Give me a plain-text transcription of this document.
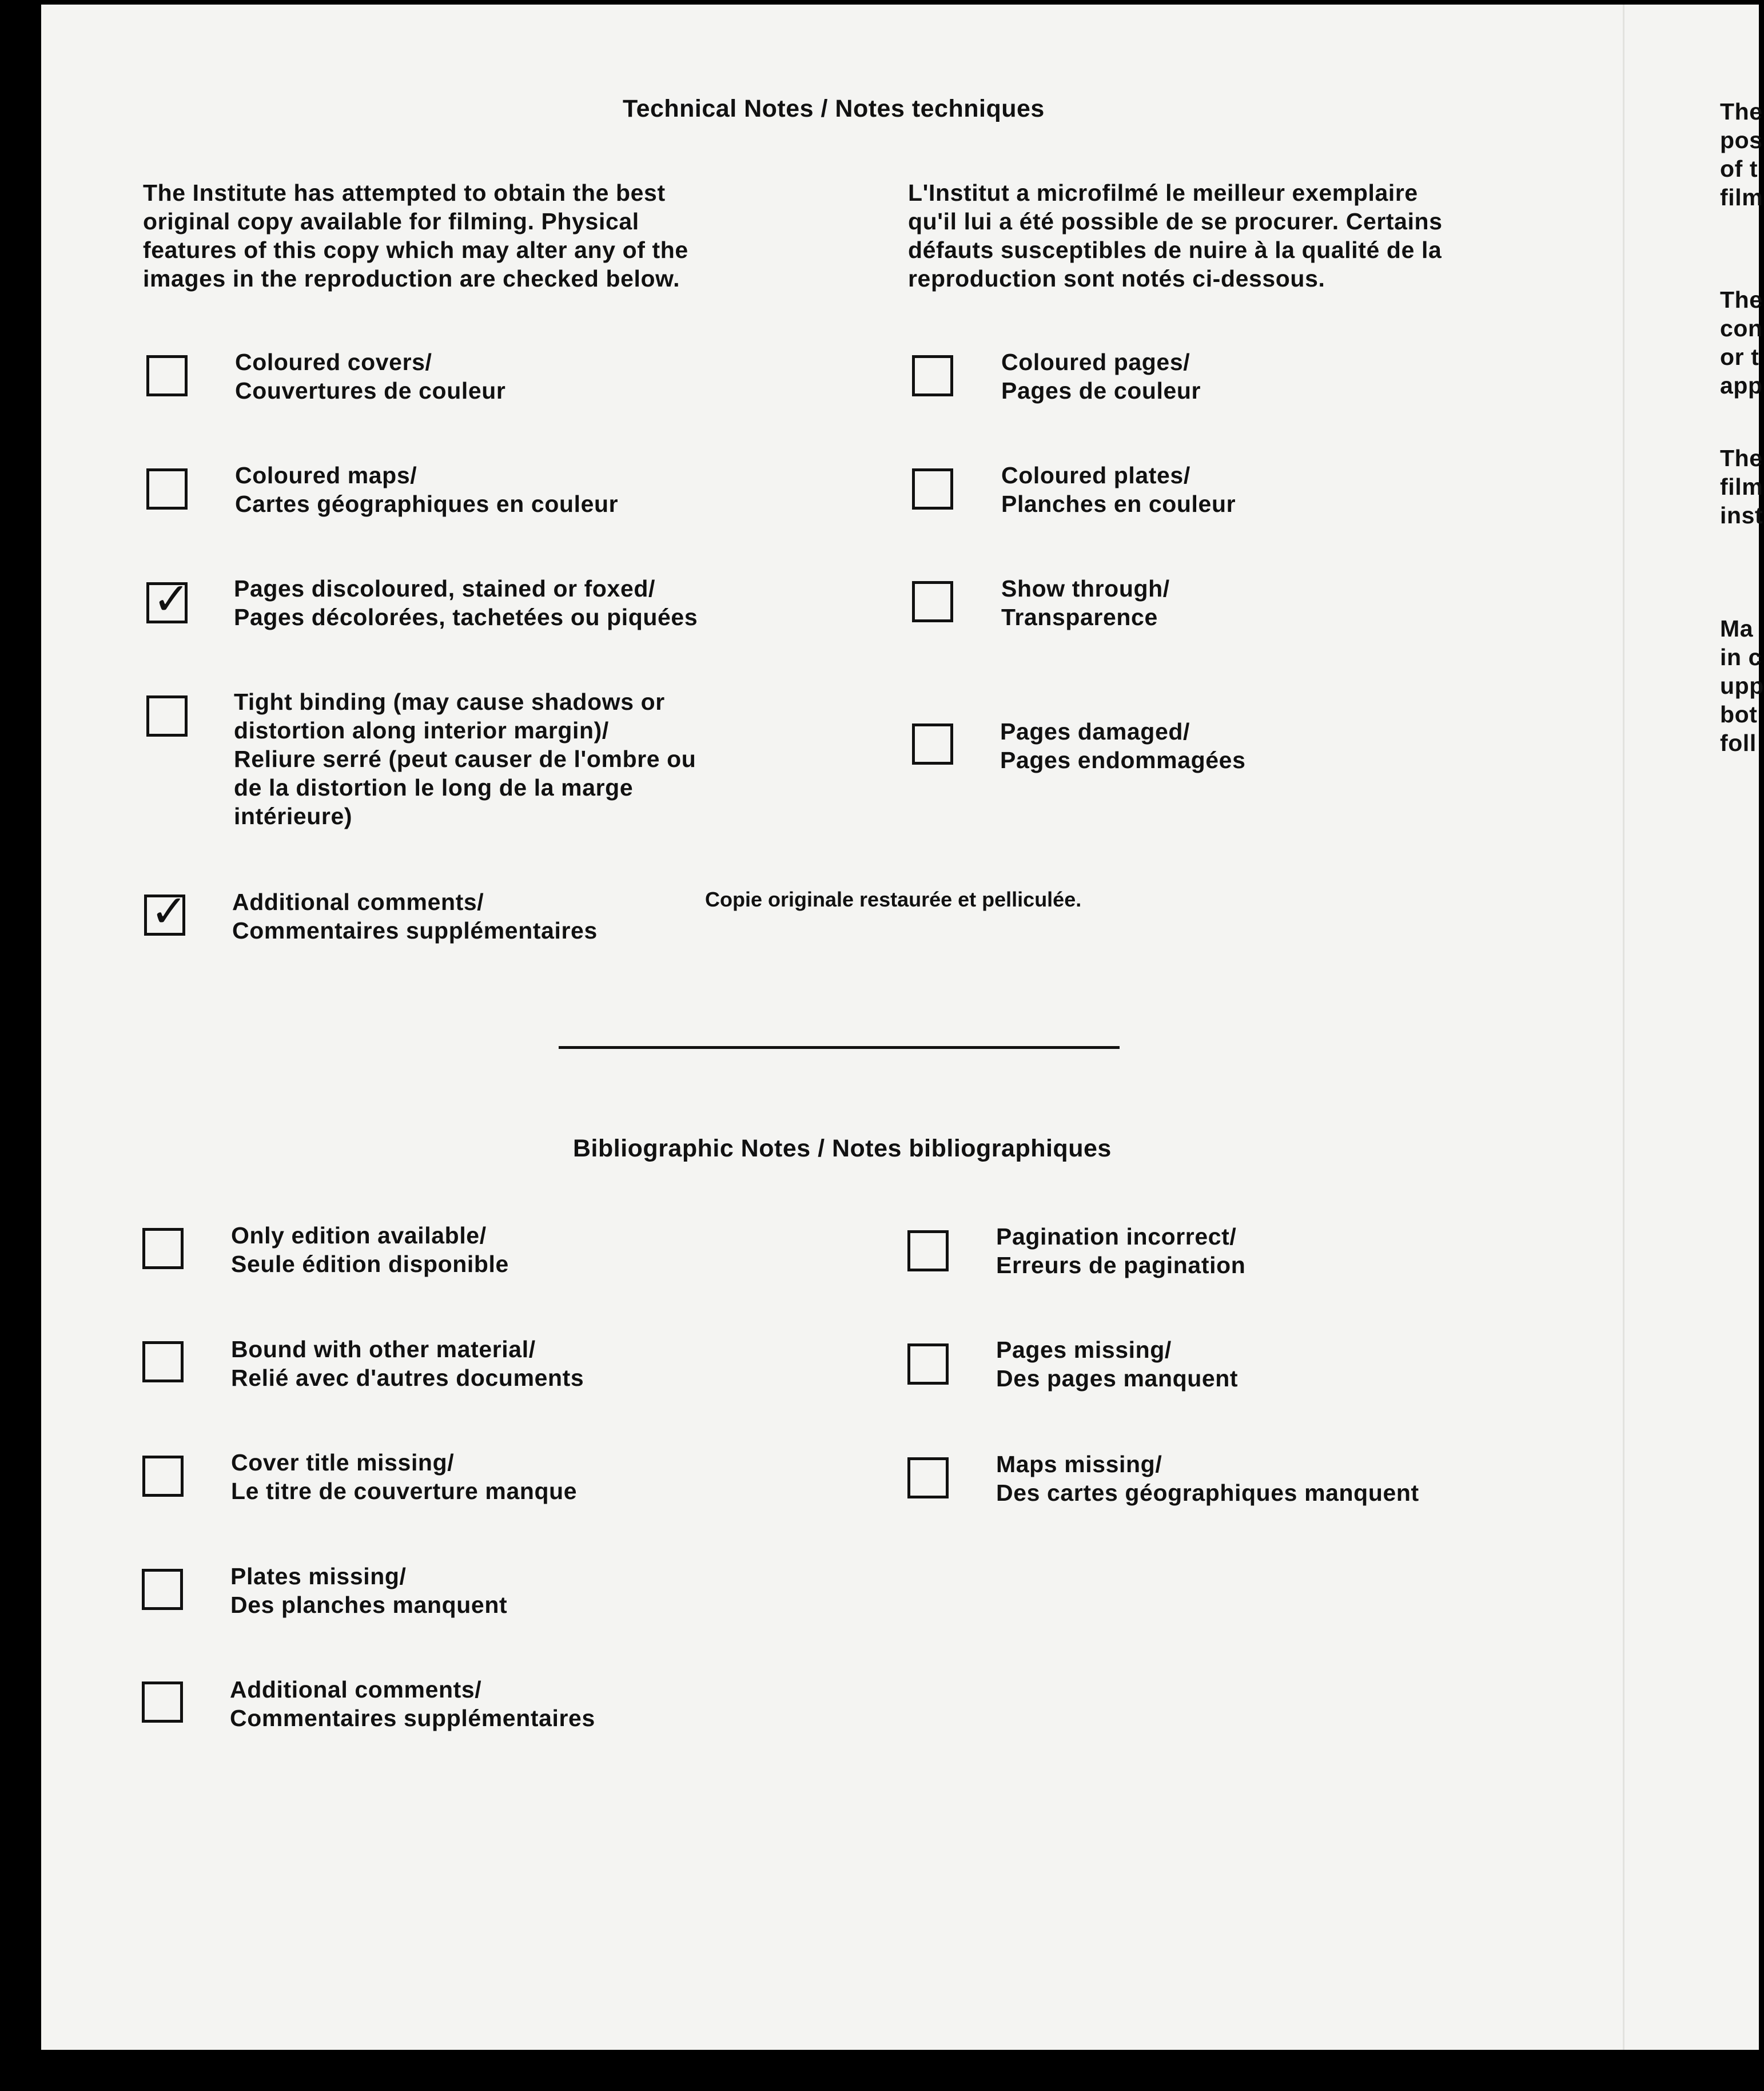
Technical Notes / Notes techniques
The Institute has attempted to obtain the best
original copy available for filming. Physical
features of this copy which may alter any of the
images in the reproduction are checked below.
L'Institut a microfilmé le meilleur exemplaire
qu'il lui a été possible de se procurer. Certains
défauts susceptibles de nuire à la qualité de la
reproduction sont notés ci-dessous.
Coloured covers/
Couvertures de couleur
Coloured pages/
Pages de couleur
Coloured maps/
Cartes géographiques en couleur
Coloured plates/
Planches en couleur
✓ Pages discoloured, stained or foxed/
Pages décolorées, tachetées ou piquées
Show through/
Transparence
Tight binding (may cause shadows or
distortion along interior margin)/
Reliure serré (peut causer de l'ombre ou
de la distortion le long de la marge
intérieure)
Pages damaged/
Pages endommagées
✓ Additional comments/
Commentaires supplémentaires
Copie originale restaurée et pelliculée.
Bibliographic Notes / Notes bibliographiques
Only edition available/
Seule édition disponible
Pagination incorrect/
Erreurs de pagination
Bound with other material/
Relié avec d'autres documents
Pages missing/
Des pages manquent
Cover title missing/
Le titre de couverture manque
Maps missing/
Des cartes géographiques manquent
Plates missing/
Des planches manquent
Additional comments/
Commentaires supplémentaires
The
pos
of t
film
The
con
or t
app
The
film
inst
Ma
in c
upp
bot
foll
